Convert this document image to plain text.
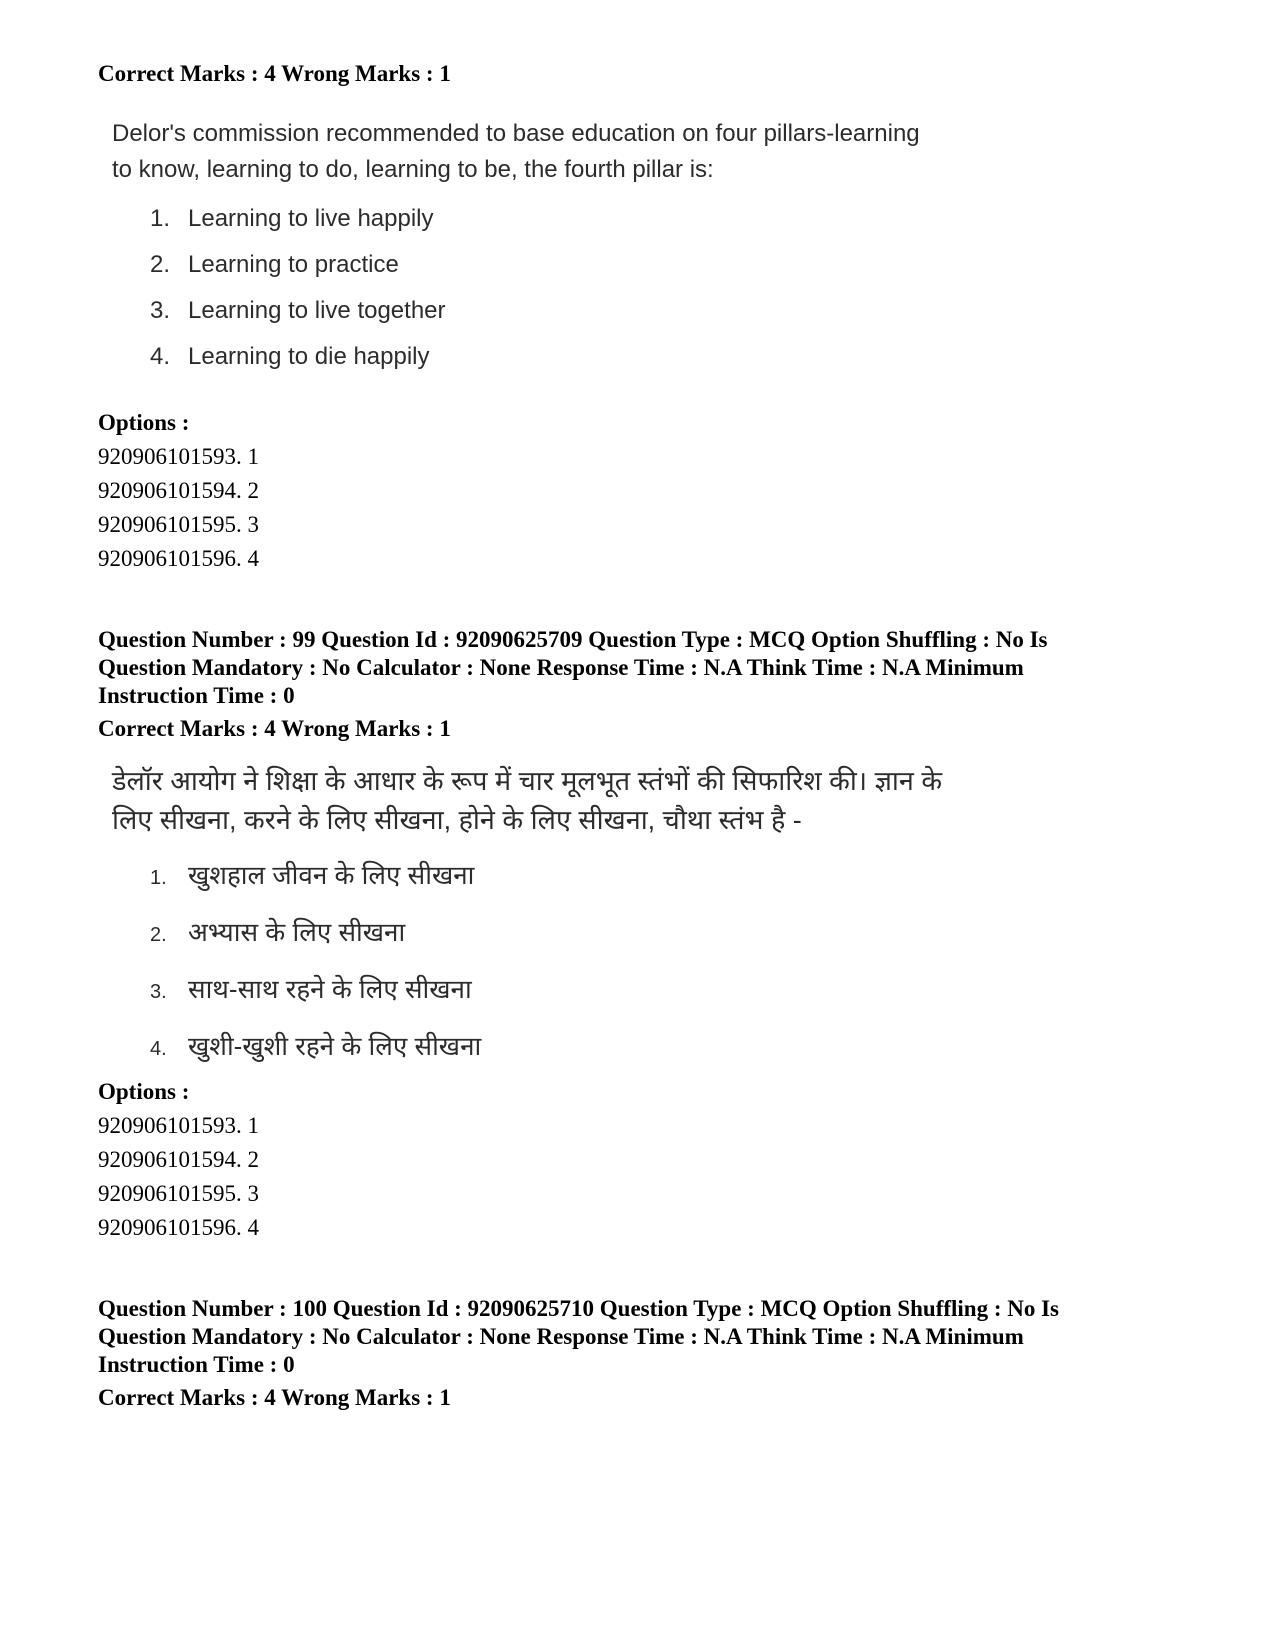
Correct Marks : 4 Wrong Marks : 1

Delor's commission recommended to base education on four pillars-learning
to know, learning to do, learning to be, the fourth pillar is:

1. Learning to live happily
2. Learning to practice
3. Learning to live together
4. Learning to die happily

Options :

920906101593. 1

920906101594. 2

920906101595. 3

920906101596. 4

Question Number : 99 Question Id : 92090625709 Question Type : MCQ Option Shuffling : No Is
Question Mandatory : No Calculator : None Response Time : N.A Think Time : N.A Minimum
Instruction Time : 0
Correct Marks : 4 Wrong Marks : 1

डेलॉर आयोग ने शिक्षा के आधार के रूप में चार मूलभूत स्तंभों की सिफारिश की। ज्ञान के
लिए सीखना, करने के लिए सीखना, होने के लिए सीखना, चौथा स्तंभ है -

1. खुशहाल जीवन के लिए सीखना
2. अभ्यास के लिए सीखना
3. साथ-साथ रहने के लिए सीखना
4. खुशी-खुशी रहने के लिए सीखना

Options :

920906101593. 1

920906101594. 2

920906101595. 3

920906101596. 4

Question Number : 100 Question Id : 92090625710 Question Type : MCQ Option Shuffling : No Is
Question Mandatory : No Calculator : None Response Time : N.A Think Time : N.A Minimum
Instruction Time : 0
Correct Marks : 4 Wrong Marks : 1
